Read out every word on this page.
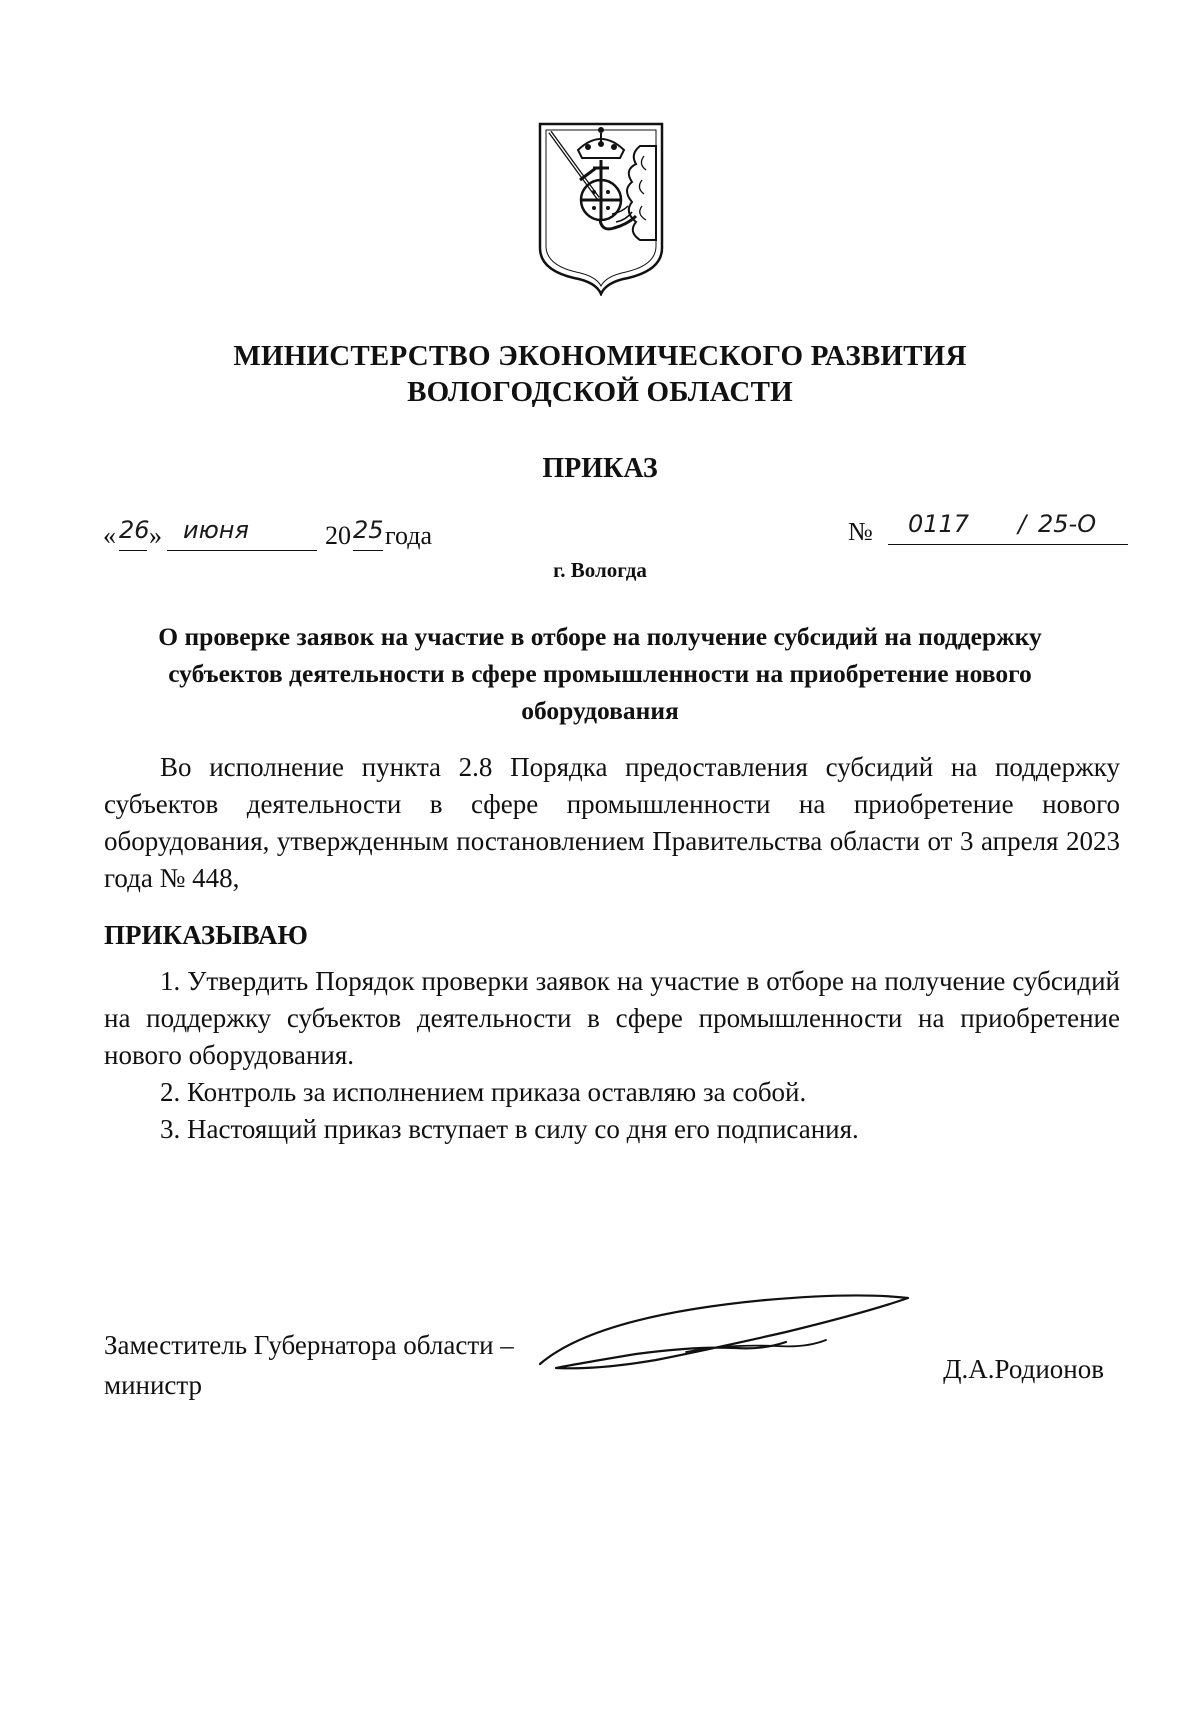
МИНИСТЕРСТВО ЭКОНОМИЧЕСКОГО РАЗВИТИЯ
ВОЛОГОДСКОЙ ОБЛАСТИ
ПРИКАЗ
« 26 » июня	20 25 года	№ 0117 / 25-О
г. Вологда
О проверке заявок на участие в отборе на получение субсидий на поддержку субъектов деятельности в сфере промышленности на приобретение нового оборудования
Во исполнение пункта 2.8 Порядка предоставления субсидий на поддержку субъектов деятельности в сфере промышленности на приобретение нового оборудования, утвержденным постановлением Правительства области от 3 апреля 2023 года № 448,
ПРИКАЗЫВАЮ
1. Утвердить Порядок проверки заявок на участие в отборе на получение субсидий на поддержку субъектов деятельности в сфере промышленности на приобретение нового оборудования.
2. Контроль за исполнением приказа оставляю за собой.
3. Настоящий приказ вступает в силу со дня его подписания.
Заместитель Губернатора области –
министр
Д.А.Родионов
